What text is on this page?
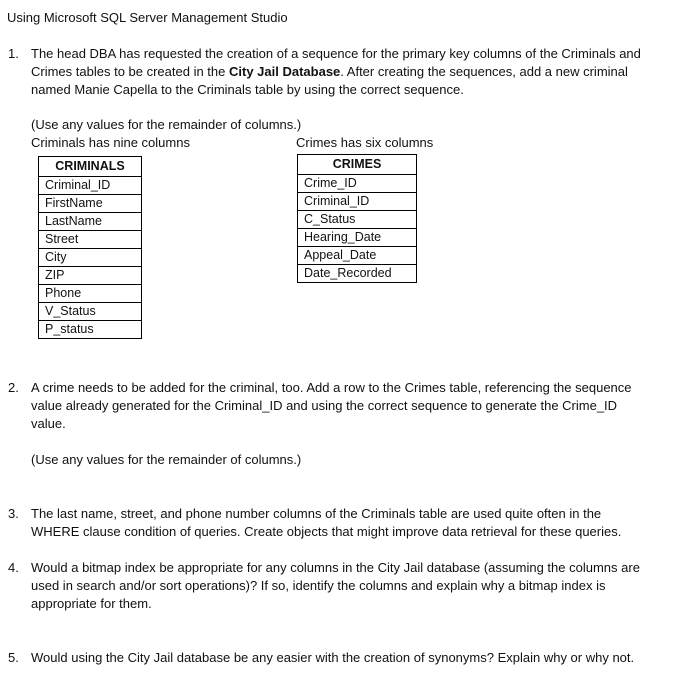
Using Microsoft SQL Server Management Studio
1. The head DBA has requested the creation of a sequence for the primary key columns of the Criminals and
Crimes tables to be created in the City Jail Database. After creating the sequences, add a new criminal
named Manie Capella to the Criminals table by using the correct sequence.
(Use any values for the remainder of columns.)
Criminals has nine columns	Crimes has six columns
CRIMINALS
Criminal_ID
FirstName
LastName
Street
City
ZIP
Phone
V_Status
P_status
CRIMES
Crime_ID
Criminal_ID
C_Status
Hearing_Date
Appeal_Date
Date_Recorded
2. A crime needs to be added for the criminal, too. Add a row to the Crimes table, referencing the sequence
value already generated for the Criminal_ID and using the correct sequence to generate the Crime_ID
value.
(Use any values for the remainder of columns.)
3. The last name, street, and phone number columns of the Criminals table are used quite often in the
WHERE clause condition of queries. Create objects that might improve data retrieval for these queries.
4. Would a bitmap index be appropriate for any columns in the City Jail database (assuming the columns are
used in search and/or sort operations)? If so, identify the columns and explain why a bitmap index is
appropriate for them.
5. Would using the City Jail database be any easier with the creation of synonyms? Explain why or why not.
